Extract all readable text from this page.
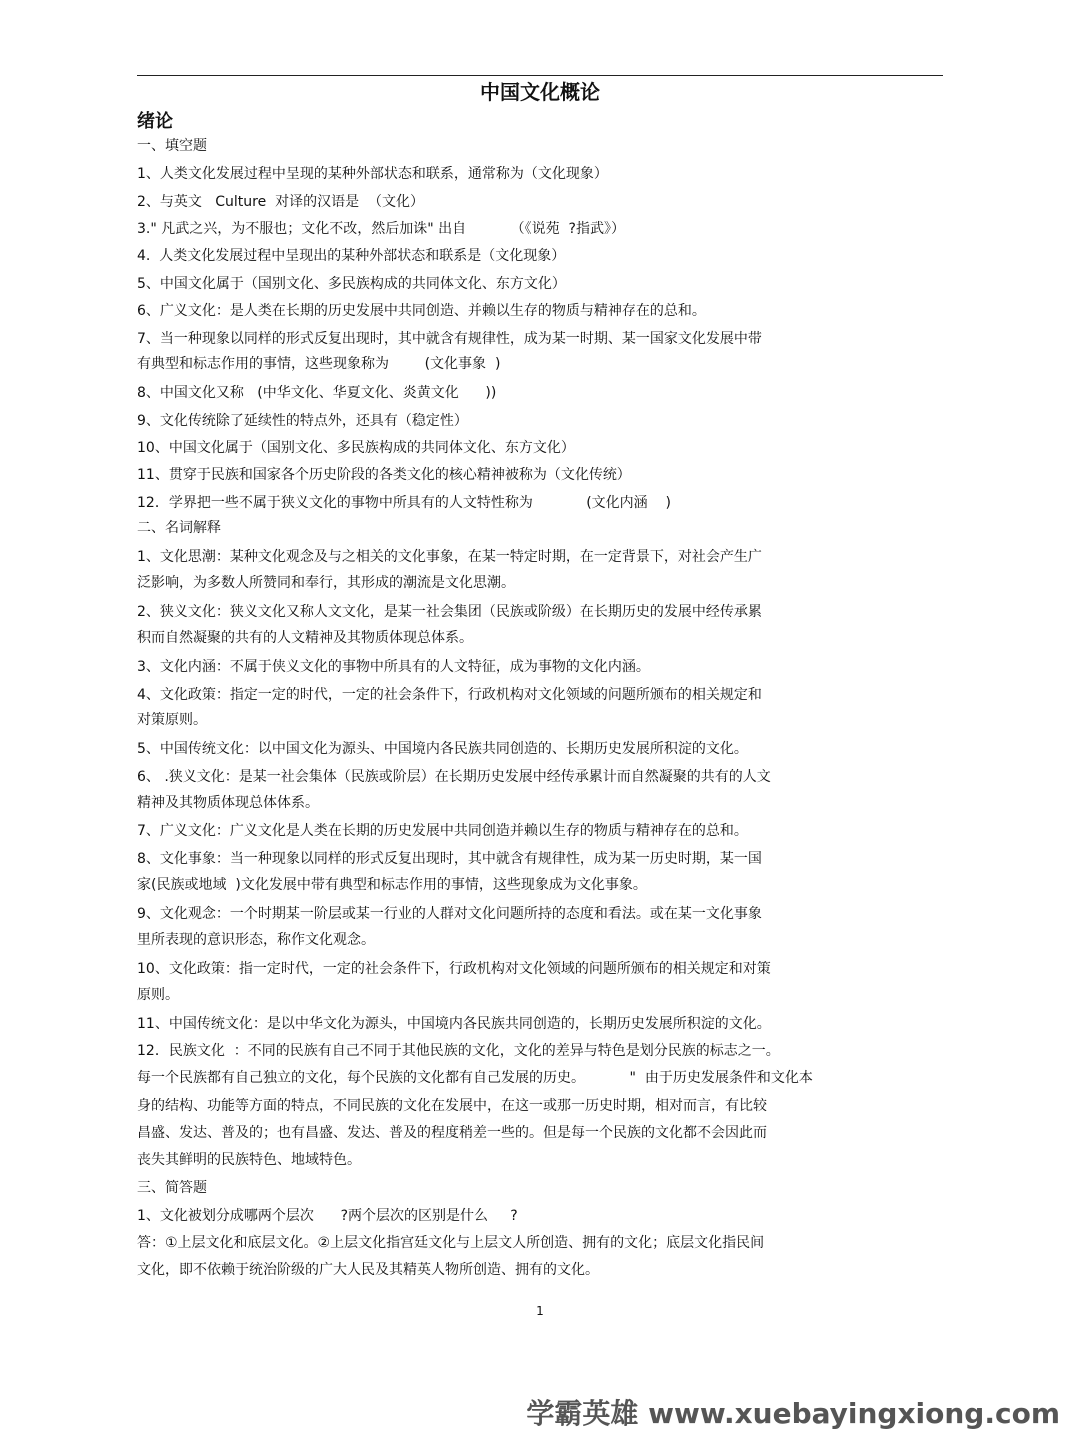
中国文化概论
绪论
一、填空题
1、人类文化发展过程中呈现的某种外部状态和联系，通常称为（文化现象）
2、与英文   Culture  对译的汉语是  （文化）
3." 凡武之兴，为不服也；文化不改，然后加诛" 出自          （《说苑  ?指武》）
4.  人类文化发展过程中呈现出的某种外部状态和联系是（文化现象）
5、中国文化属于（国别文化、多民族构成的共同体文化、东方文化）
6、广义文化：是人类在长期的历史发展中共同创造、并赖以生存的物质与精神存在的总和。
7、当一种现象以同样的形式反复出现时，其中就含有规律性，成为某一时期、某一国家文化发展中带
有典型和标志作用的事情，这些现象称为        (文化事象  )
8、中国文化又称   (中华文化、华夏文化、炎黄文化      ))
9、文化传统除了延续性的特点外，还具有（稳定性）
10、中国文化属于（国别文化、多民族构成的共同体文化、东方文化）
11、贯穿于民族和国家各个历史阶段的各类文化的核心精神被称为（文化传统）
12．学界把一些不属于狭义文化的事物中所具有的人文特性称为            (文化内涵    )
二、名词解释
1、文化思潮：某种文化观念及与之相关的文化事象，在某一特定时期，在一定背景下，对社会产生广
泛影响，为多数人所赞同和奉行，其形成的潮流是文化思潮。
2、狭义文化：狭义文化又称人文文化，是某一社会集团（民族或阶级）在长期历史的发展中经传承累
积而自然凝聚的共有的人文精神及其物质体现总体系。
3、文化内涵：不属于侠义文化的事物中所具有的人文特征，成为事物的文化内涵。
4、文化政策：指定一定的时代，一定的社会条件下，行政机构对文化领域的问题所颁布的相关规定和
对策原则。
5、中国传统文化：以中国文化为源头、中国境内各民族共同创造的、长期历史发展所积淀的文化。
6、 .狭义文化：是某一社会集体（民族或阶层）在长期历史发展中经传承累计而自然凝聚的共有的人文
精神及其物质体现总体体系。
7、广义文化：广义文化是人类在长期的历史发展中共同创造并赖以生存的物质与精神存在的总和。
8、文化事象：当一种现象以同样的形式反复出现时，其中就含有规律性，成为某一历史时期，某一国
家(民族或地域  )文化发展中带有典型和标志作用的事情，这些现象成为文化事象。
9、文化观念：一个时期某一阶层或某一行业的人群对文化问题所持的态度和看法。或在某一文化事象
里所表现的意识形态，称作文化观念。
10、文化政策：指一定时代，一定的社会条件下，行政机构对文化领域的问题所颁布的相关规定和对策
原则。
11、中国传统文化：是以中华文化为源头，中国境内各民族共同创造的，长期历史发展所积淀的文化。
12．民族文化  ：不同的民族有自己不同于其他民族的文化，文化的差异与特色是划分民族的标志之一。
每一个民族都有自己独立的文化，每个民族的文化都有自己发展的历史。          "  由于历史发展条件和文化本
身的结构、功能等方面的特点，不同民族的文化在发展中，在这一或那一历史时期，相对而言，有比较
昌盛、发达、普及的；也有昌盛、发达、普及的程度稍差一些的。但是每一个民族的文化都不会因此而
丧失其鲜明的民族特色、地域特色。
三、简答题
1、文化被划分成哪两个层次      ?两个层次的区别是什么     ?
答：①上层文化和底层文化。②上层文化指宫廷文化与上层文人所创造、拥有的文化；底层文化指民间
文化，即不依赖于统治阶级的广大人民及其精英人物所创造、拥有的文化。
1
学霸英雄 www.xuebayingxiong.com
